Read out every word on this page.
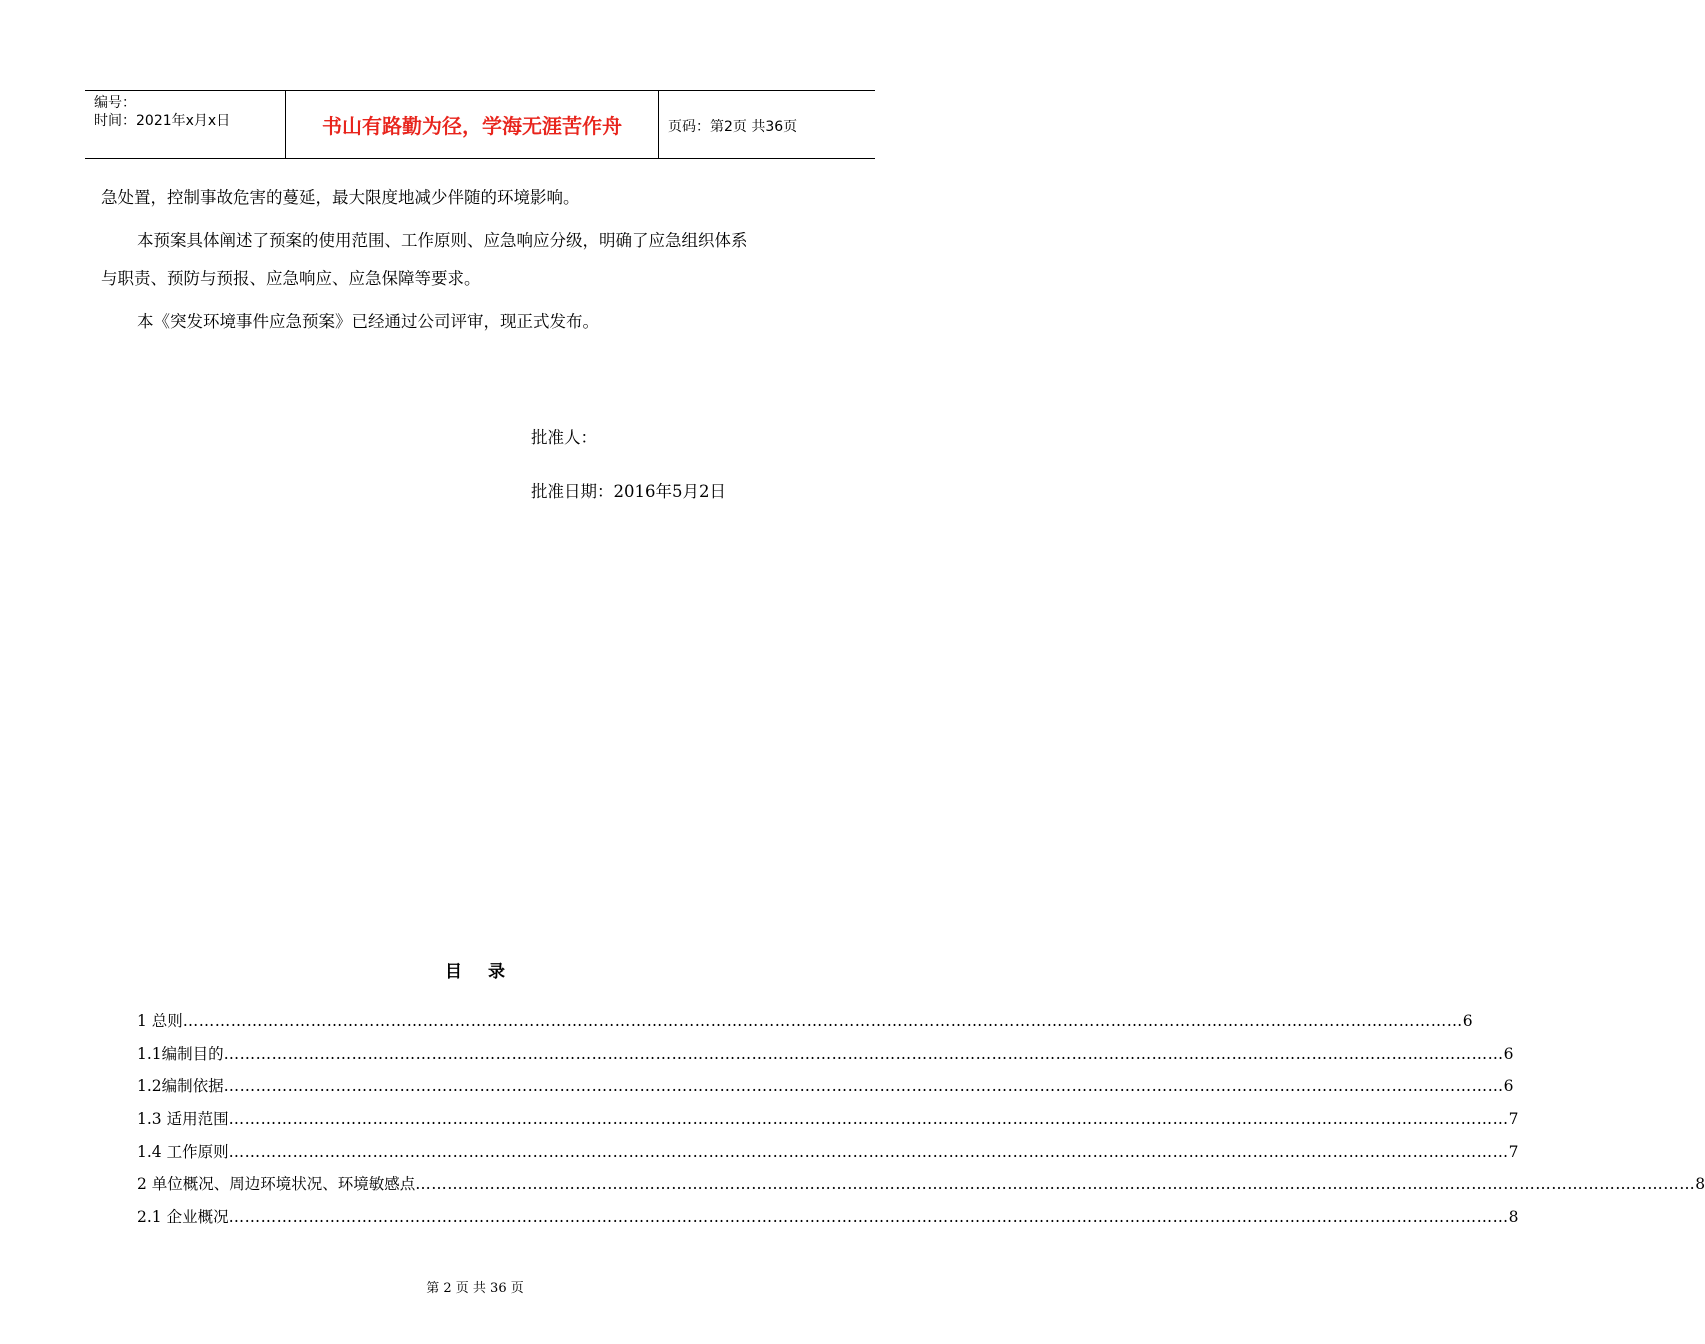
编号：
时间：2021年x月x日	书山有路勤为径，学海无涯苦作舟	页码：第2页 共36页
急处置，控制事故危害的蔓延，最大限度地减少伴随的环境影响。
本预案具体阐述了预案的使用范围、工作原则、应急响应分级，明确了应急组织体系
与职责、预防与预报、应急响应、应急保障等要求。
本《突发环境事件应急预案》已经通过公司评审，现正式发布。
批准人：
批准日期：2016年5月2日
目录
1 总则 …………………………………………………………………………………………………………………………………………………………………………………………………………………… 6
1.1编制目的 …………………………………………………………………………………………………………………………………………………………………………………………………………………… 6
1.2编制依据 …………………………………………………………………………………………………………………………………………………………………………………………………………………… 6
1.3 适用范围 …………………………………………………………………………………………………………………………………………………………………………………………………………………… 7
1.4 工作原则 …………………………………………………………………………………………………………………………………………………………………………………………………………………… 7
2 单位概况、周边环境状况、环境敏感点 …………………………………………………………………………………………………………………………………………………………………………………………………………………… 8
2.1 企业概况 …………………………………………………………………………………………………………………………………………………………………………………………………………………… 8
第 2 页 共 36 页
